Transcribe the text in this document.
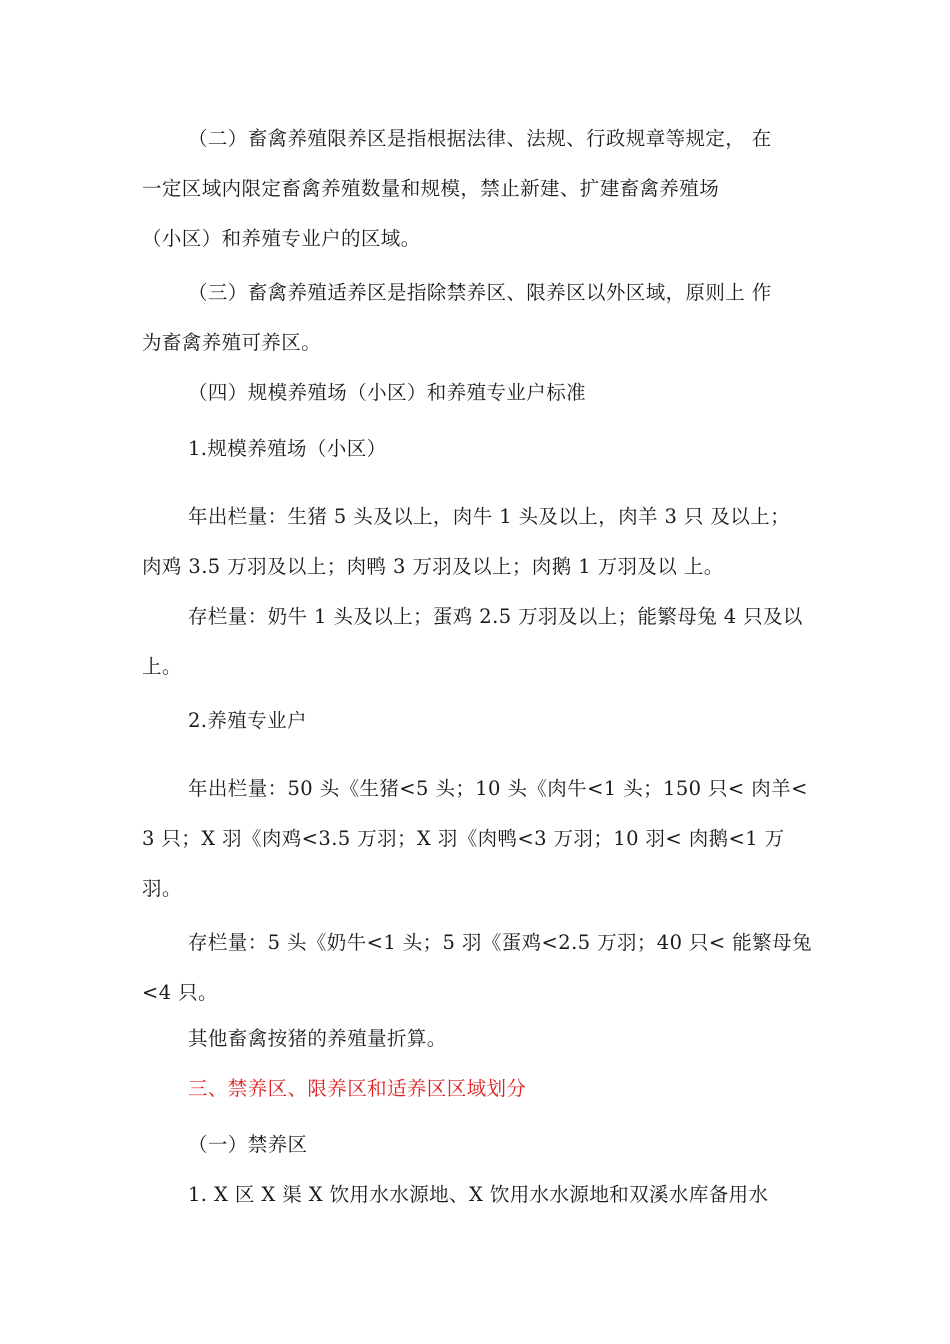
（二）畜禽养殖限养区是指根据法律、法规、行政规章等规定， 在
一定区域内限定畜禽养殖数量和规模，禁止新建、扩建畜禽养殖场
（小区）和养殖专业户的区域。
（三）畜禽养殖适养区是指除禁养区、限养区以外区域，原则上 作
为畜禽养殖可养区。
（四）规模养殖场（小区）和养殖专业户标准
1.规模养殖场（小区）
年出栏量：生猪 5 头及以上，肉牛 1 头及以上，肉羊 3 只 及以上；
肉鸡 3.5 万羽及以上；肉鸭 3 万羽及以上；肉鹅 1 万羽及以 上。
存栏量：奶牛 1 头及以上；蛋鸡 2.5 万羽及以上；能繁母兔 4 只及以
上。
2.养殖专业户
年出栏量：50 头《生猪<5 头；10 头《肉牛<1 头；150 只< 肉羊<
3 只；X 羽《肉鸡<3.5 万羽；X 羽《肉鸭<3 万羽；10 羽< 肉鹅<1 万
羽。
存栏量：5 头《奶牛<1 头；5 羽《蛋鸡<2.5 万羽；40 只< 能繁母兔
<4 只。
其他畜禽按猪的养殖量折算。
三、禁养区、限养区和适养区区域划分
（一）禁养区
1. X 区 X 渠 X 饮用水水源地、X 饮用水水源地和双溪水库备用水
